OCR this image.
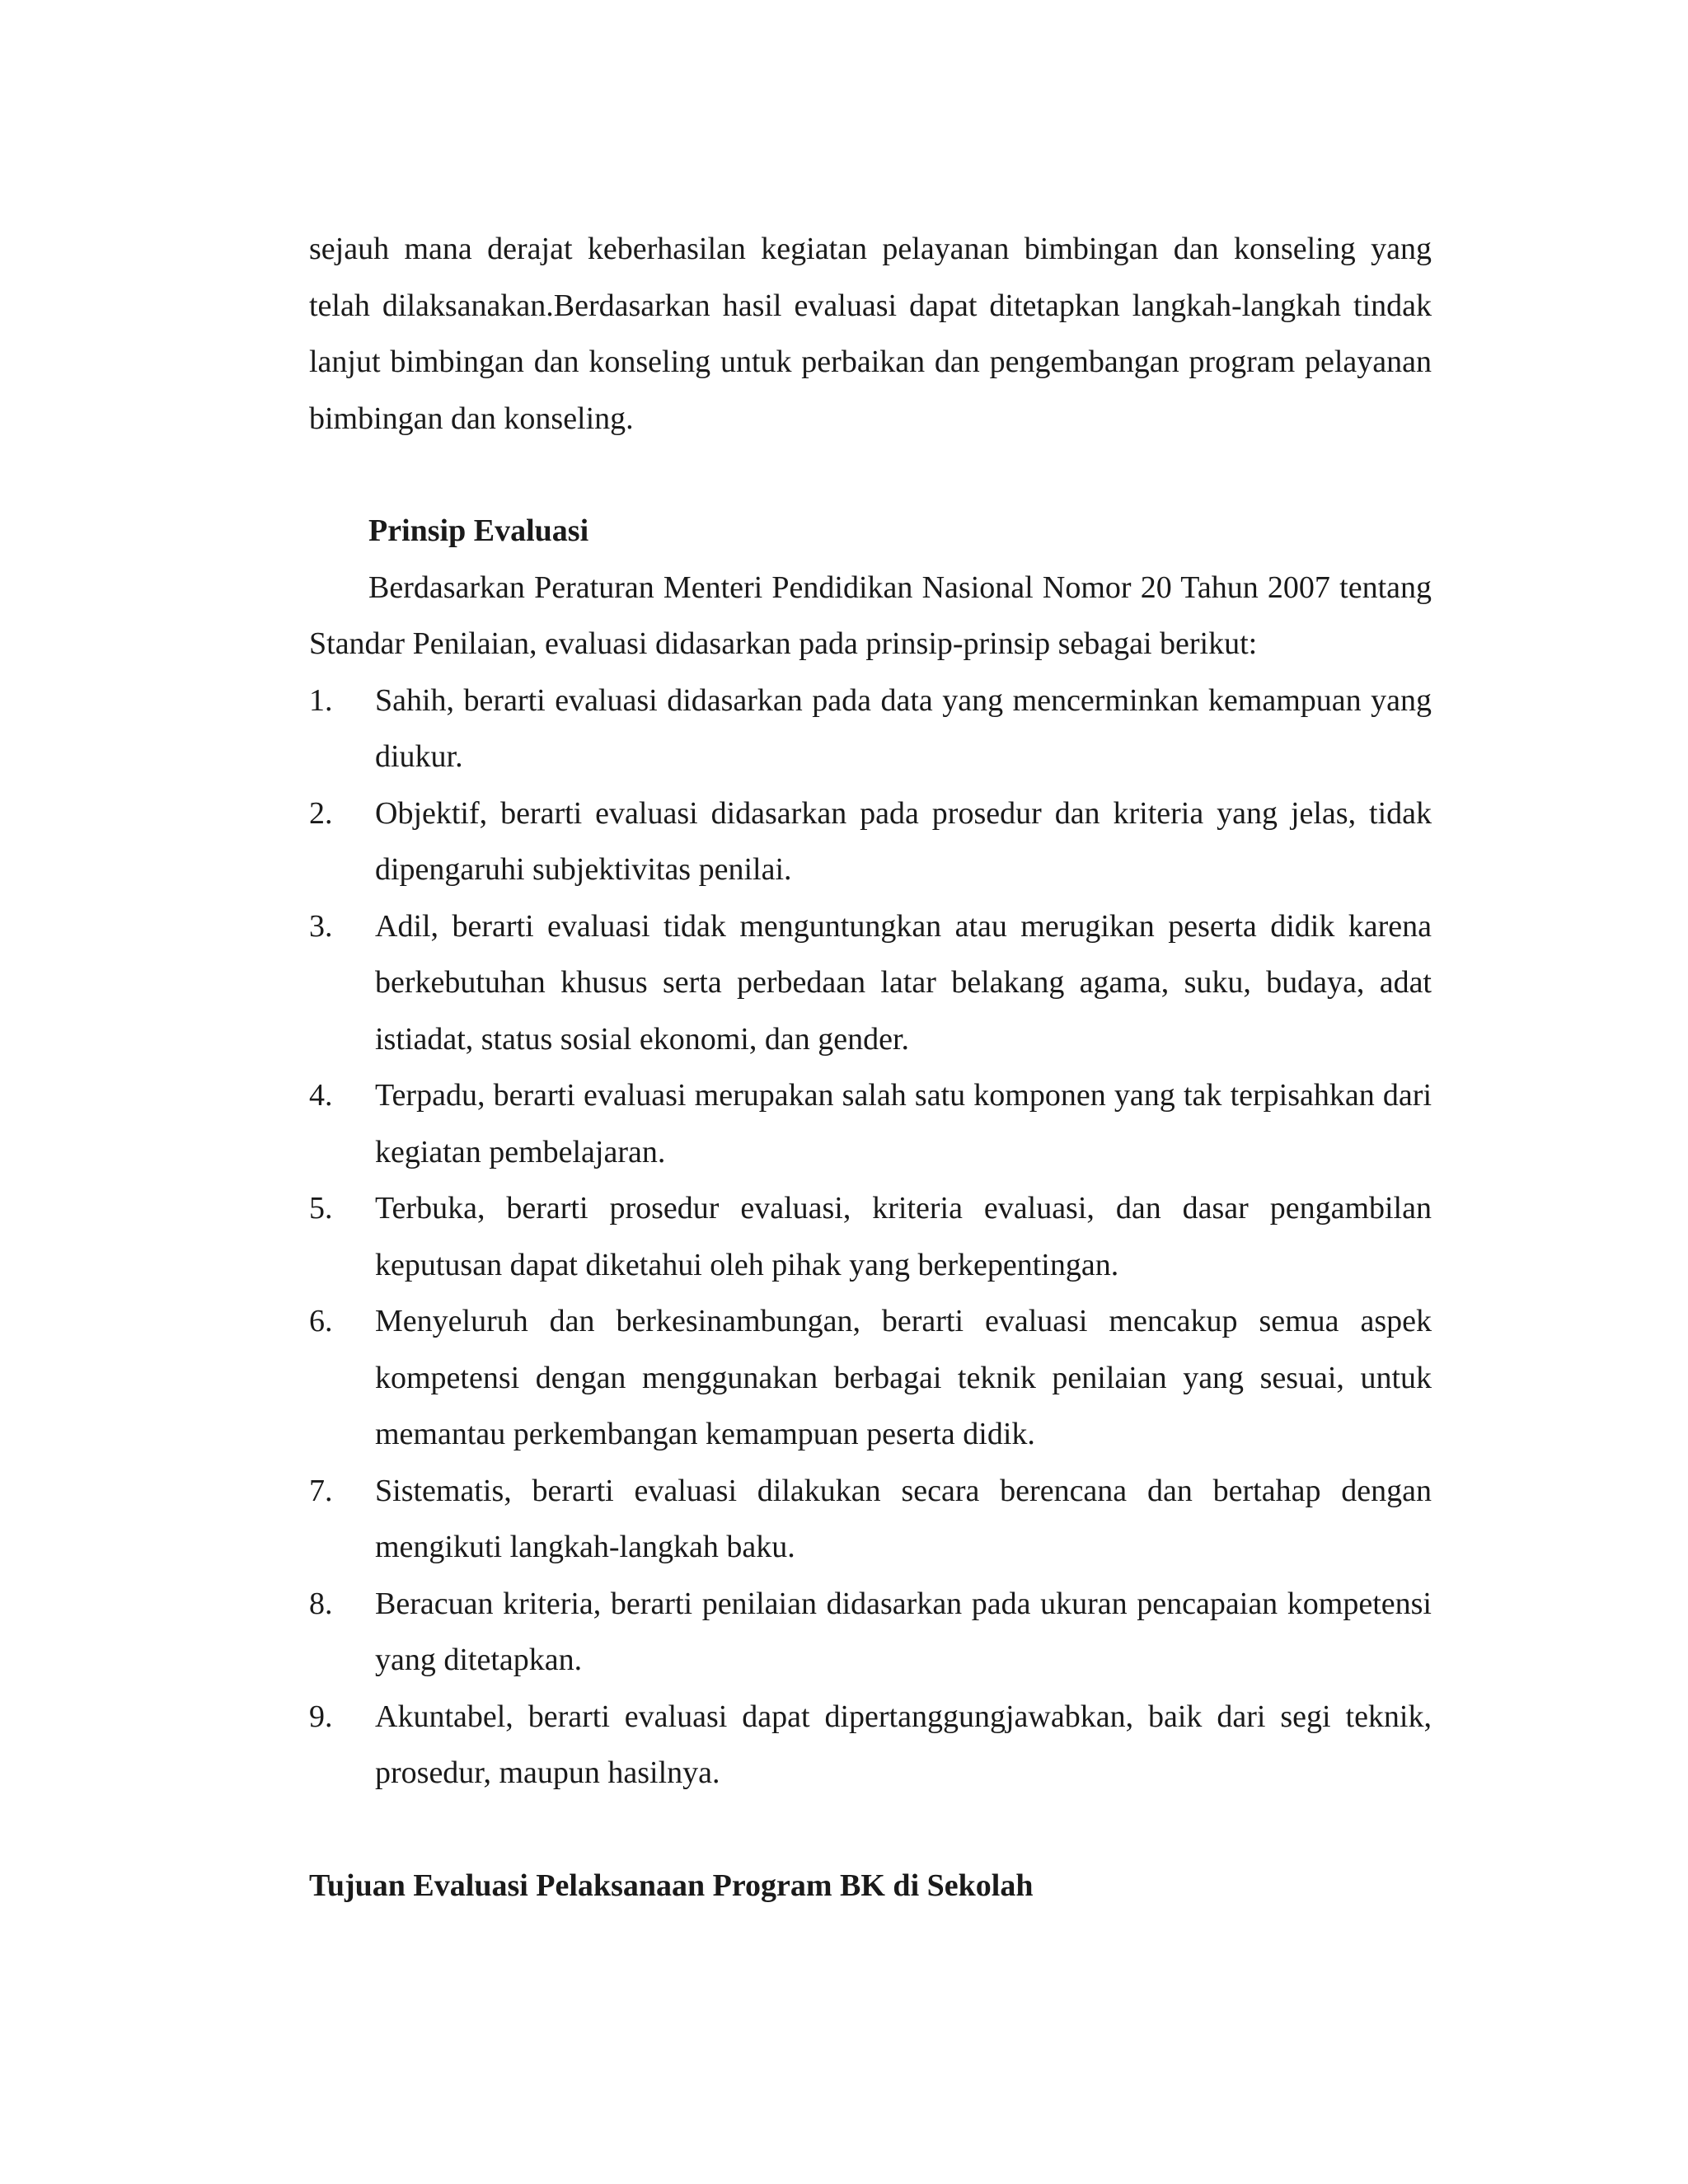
sejauh mana derajat keberhasilan kegiatan pelayanan bimbingan dan konseling yang telah dilaksanakan.Berdasarkan hasil evaluasi dapat ditetapkan langkah-langkah tindak lanjut bimbingan dan konseling untuk perbaikan dan pengembangan program pelayanan bimbingan dan konseling.

Prinsip Evaluasi

Berdasarkan Peraturan Menteri Pendidikan Nasional Nomor 20 Tahun 2007 tentang Standar Penilaian, evaluasi didasarkan pada prinsip-prinsip sebagai berikut:

1.	Sahih, berarti evaluasi didasarkan pada data yang mencerminkan kemampuan yang diukur.
2.	Objektif, berarti evaluasi didasarkan pada prosedur dan kriteria yang jelas, tidak dipengaruhi subjektivitas penilai.
3.	Adil, berarti evaluasi tidak menguntungkan atau merugikan peserta didik karena berkebutuhan khusus serta perbedaan latar belakang agama, suku, budaya, adat istiadat, status sosial ekonomi, dan gender.
4.	Terpadu, berarti evaluasi merupakan salah satu komponen yang tak terpisahkan dari kegiatan pembelajaran.
5.	Terbuka, berarti prosedur evaluasi, kriteria evaluasi, dan dasar pengambilan keputusan dapat diketahui oleh pihak yang berkepentingan.
6.	Menyeluruh dan berkesinambungan, berarti evaluasi mencakup semua aspek kompetensi dengan menggunakan berbagai teknik penilaian yang sesuai, untuk memantau perkembangan kemampuan peserta didik.
7.	Sistematis, berarti evaluasi dilakukan secara berencana dan bertahap dengan mengikuti langkah-langkah baku.
8.	Beracuan kriteria, berarti penilaian didasarkan pada ukuran pencapaian kompetensi yang ditetapkan.
9.	Akuntabel, berarti evaluasi dapat dipertanggungjawabkan, baik dari segi teknik, prosedur, maupun hasilnya.

Tujuan Evaluasi Pelaksanaan Program BK di Sekolah
